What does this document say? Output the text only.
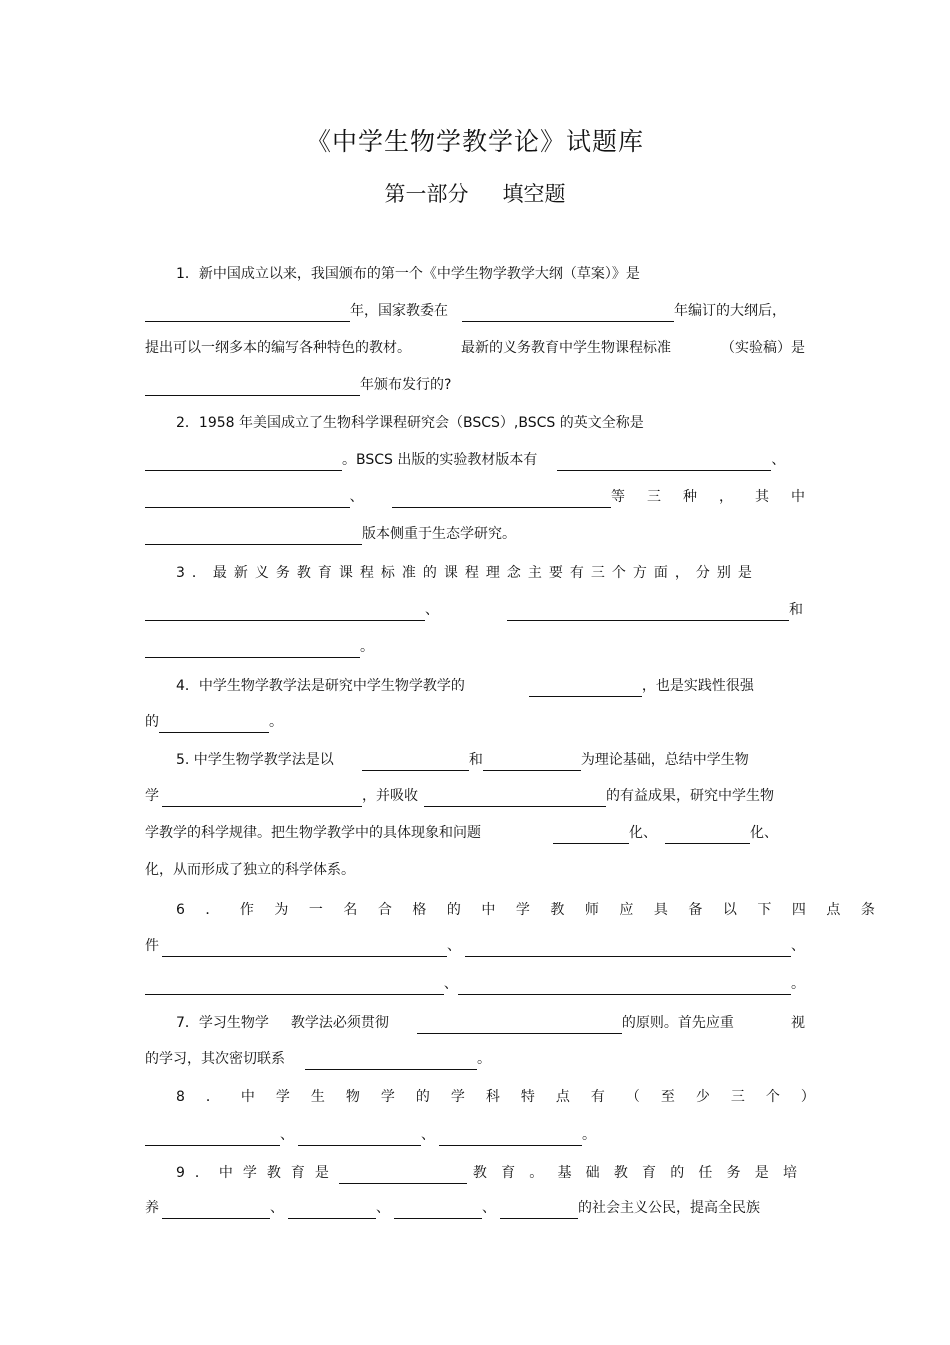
《中学生物学教学论》试题库
第一部分 填空题
1．新中国成立以来，我国颁布的第一个《中学生物学教学大纲（草案）》是
年，国家教委在	年编订的大纲后，
提出可以一纲多本的编写各种特色的教材。	最新的义务教育中学生物课程标准	（实验稿）是
年颁布发行的?
2．1958 年美国成立了生物科学课程研究会（BSCS）,BSCS 的英文全称是
。BSCS 出版的实验教材版本有	、
、	等三种，其中
版本侧重于生态学研究。
3．最新义务教育课程标准的课程理念主要有三个方面，分别是
、	和
。
4．中学生物学教学法是研究中学生物学教学的	，也是实践性很强
的	。
5. 中学生物学教学法是以	和	为理论基础，总结中学生物
学	，并吸收	的有益成果，研究中学生物
学教学的科学规律。把生物学教学中的具体现象和问题	化、	化、
化，从而形成了独立的科学体系。
6．作为一名合格的中学教师应具备以下四点条
件	、	、
、	。
7．学习生物学 教学法必须贯彻	的原则。首先应重	视
的学习，其次密切联系	。
8．中学生物学的学科特点有（至少三个）
、	、	。
9．中学教育是	教育。基础教育的任务是培
养	、	、	、	的社会主义公民，提高全民族
